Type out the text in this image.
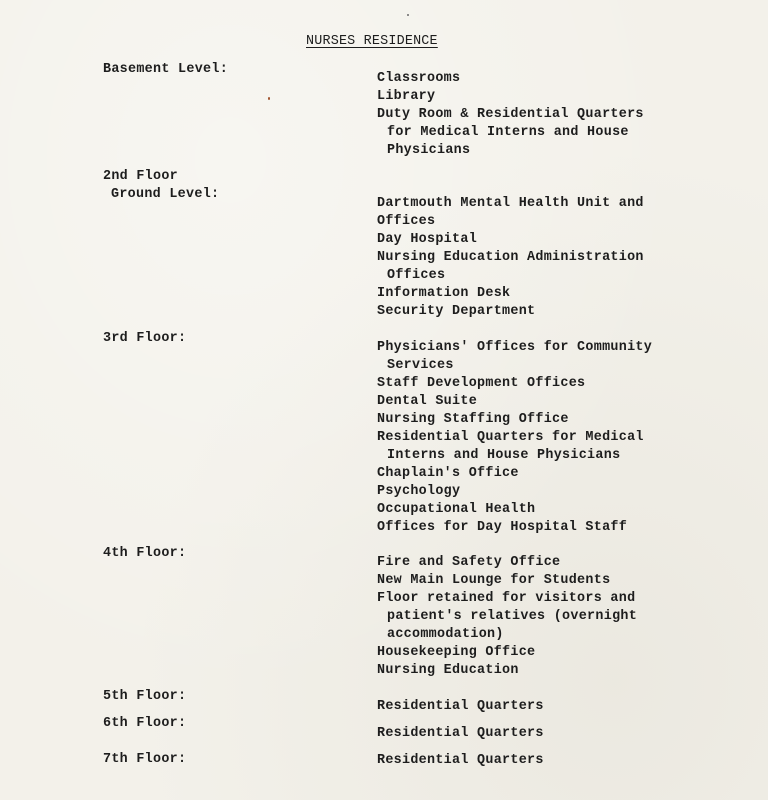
NURSES RESIDENCE
Basement Level:
Classrooms
Library
Duty Room & Residential Quarters
for Medical Interns and House
Physicians
2nd Floor
Ground Level:
Dartmouth Mental Health Unit and
Offices
Day Hospital
Nursing Education Administration
Offices
Information Desk
Security Department
3rd Floor:
Physicians' Offices for Community
Services
Staff Development Offices
Dental Suite
Nursing Staffing Office
Residential Quarters for Medical
Interns and House Physicians
Chaplain's Office
Psychology
Occupational Health
Offices for Day Hospital Staff
4th Floor:
Fire and Safety Office
New Main Lounge for Students
Floor retained for visitors and
patient's relatives (overnight
accommodation)
Housekeeping Office
Nursing Education
5th Floor:
Residential Quarters
6th Floor:
Residential Quarters
7th Floor:	Residential Quarters
